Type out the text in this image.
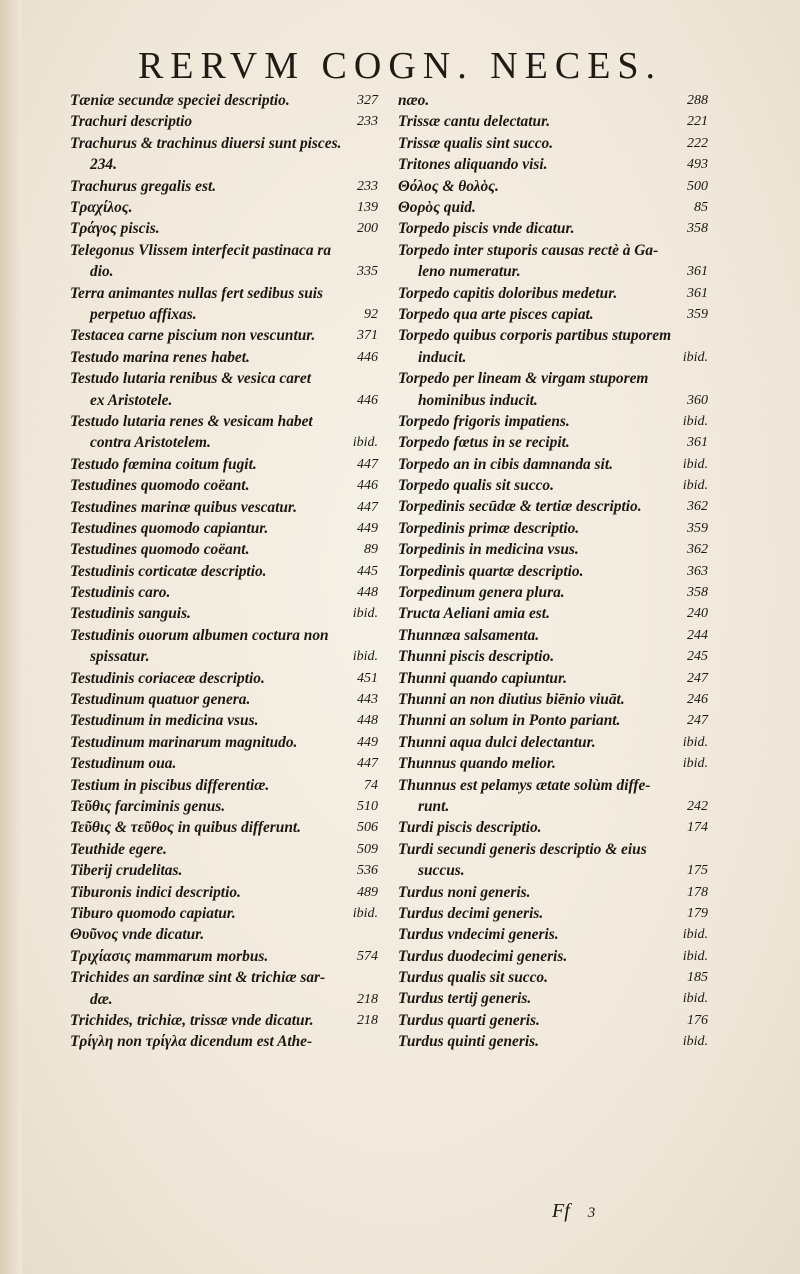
RERVM COGN. NECES.
Tæniæ secundæ speciei descriptio.	327
Trachuri descriptio	233
Trachurus & trachinus diuersi sunt pisces.
234.
Trachurus gregalis est.	233
Τραχίλος.	139
Τράγος piscis.	200
Telegonus Vlissem interfecit pastinaca ra
dio.	335
Terra animantes nullas fert sedibus suis
perpetuo affixas.	92
Testacea carne piscium non vescuntur.	371
Testudo marina renes habet.	446
Testudo lutaria renibus & vesica caret
ex Aristotele.	446
Testudo lutaria renes & vesicam habet
contra Aristotelem.	ibid.
Testudo fœmina coitum fugit.	447
Testudines quomodo coëant.	446
Testudines marinæ quibus vescatur.	447
Testudines quomodo capiantur.	449
Testudines quomodo coëant.	89
Testudinis corticatæ descriptio.	445
Testudinis caro.	448
Testudinis sanguis.	ibid.
Testudinis ouorum albumen coctura non
spissatur.	ibid.
Testudinis coriaceæ descriptio.	451
Testudinum quatuor genera.	443
Testudinum in medicina vsus.	448
Testudinum marinarum magnitudo.	449
Testudinum oua.	447
Testium in piscibus differentiæ.	74
Τεῦθις farciminis genus.	510
Τεῦθις & τεῦθος in quibus differunt.	506
Teuthide egere.	509
Tiberij crudelitas.	536
Tiburonis indici descriptio.	489
Tiburo quomodo capiatur.	ibid.
Θυῦνος vnde dicatur.
Τριχίασις mammarum morbus.	574
Trichides an sardinæ sint & trichiæ sar-
dæ.	218
Trichides, trichiæ, trissæ vnde dicatur.	218
Τρίγλη non τρίγλα dicendum est Athe-
næo.	288
Trissæ cantu delectatur.	221
Trissæ qualis sint succo.	222
Tritones aliquando visi.	493
Θόλος & θολὸς.	500
Θορὸς quid.	85
Torpedo piscis vnde dicatur.	358
Torpedo inter stuporis causas rectè à Ga-
leno numeratur.	361
Torpedo capitis doloribus medetur.	361
Torpedo qua arte pisces capiat.	359
Torpedo quibus corporis partibus stuporem
inducit.	ibid.
Torpedo per lineam & virgam stuporem
hominibus inducit.	360
Torpedo frigoris impatiens.	ibid.
Torpedo fœtus in se recipit.	361
Torpedo an in cibis damnanda sit.	ibid.
Torpedo qualis sit succo.	ibid.
Torpedinis secūdæ & tertiæ descriptio.	362
Torpedinis primæ descriptio.	359
Torpedinis in medicina vsus.	362
Torpedinis quartæ descriptio.	363
Torpedinum genera plura.	358
Tructa Aeliani amia est.	240
Thunnæa salsamenta.	244
Thunni piscis descriptio.	245
Thunni quando capiuntur.	247
Thunni an non diutius biēnio viuāt.	246
Thunni an solum in Ponto pariant.	247
Thunni aqua dulci delectantur.	ibid.
Thunnus quando melior.	ibid.
Thunnus est pelamys ætate solùm diffe-
runt.	242
Turdi piscis descriptio.	174
Turdi secundi generis descriptio & eius
succus.	175
Turdus noni generis.	178
Turdus decimi generis.	179
Turdus vndecimi generis.	ibid.
Turdus duodecimi generis.	ibid.
Turdus qualis sit succo.	185
Turdus tertij generis.	ibid.
Turdus quarti generis.	176
Turdus quinti generis.	ibid.
Ff 3
